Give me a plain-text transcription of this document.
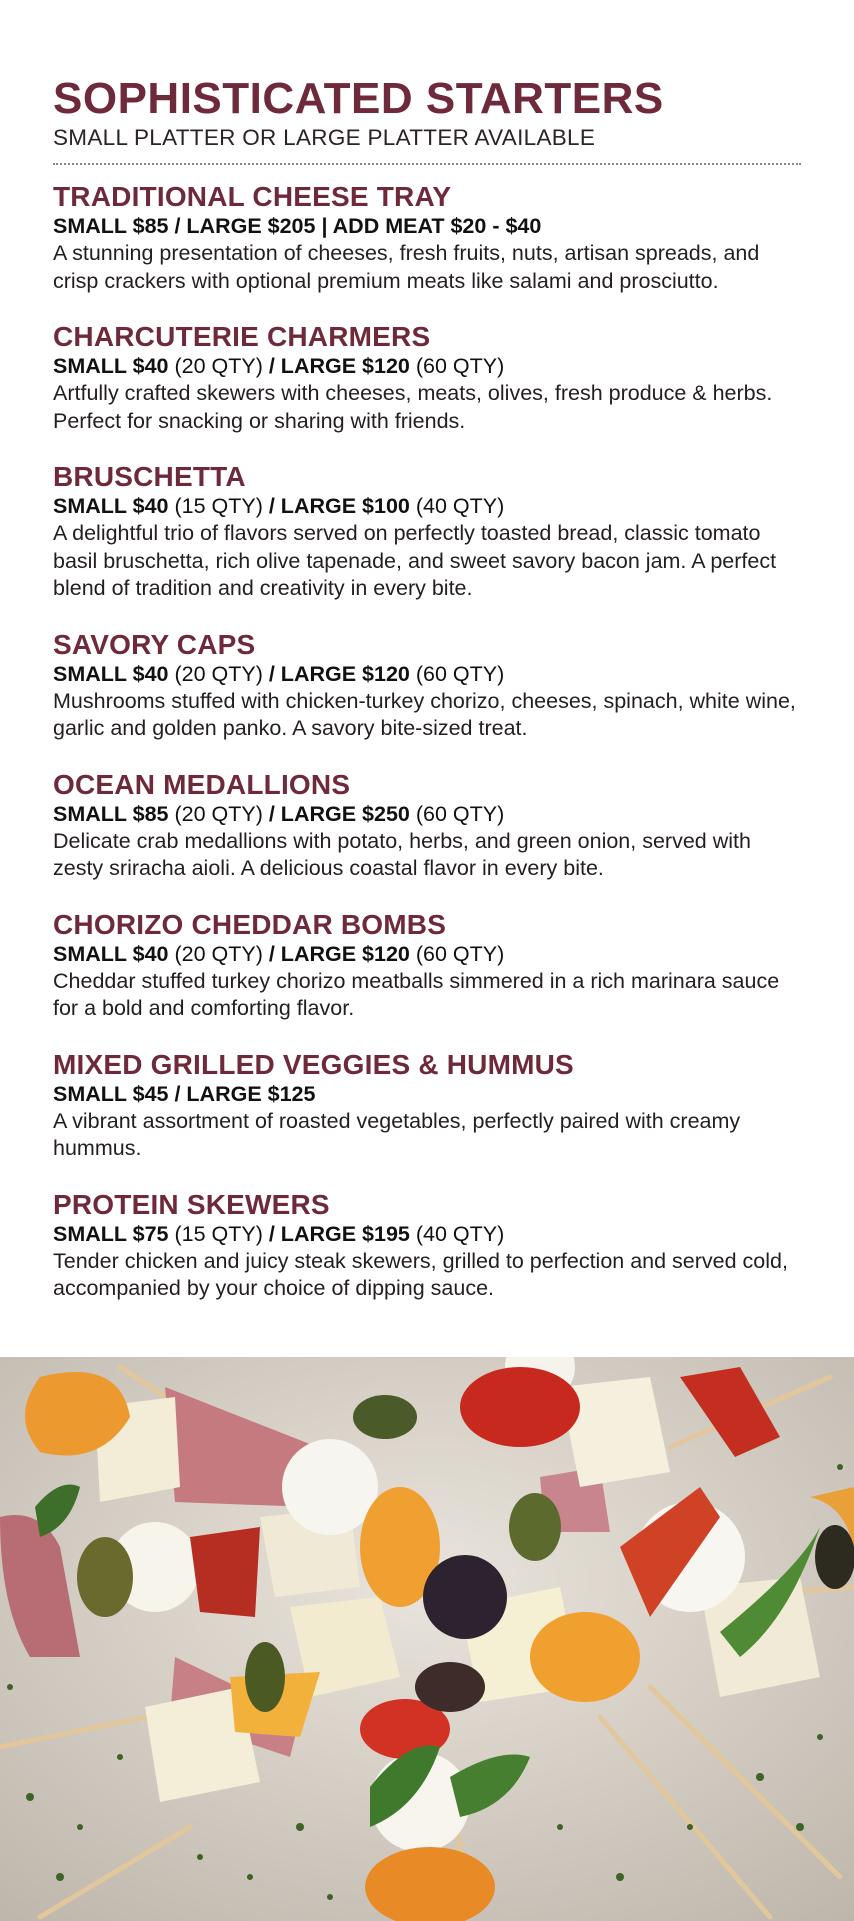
SOPHISTICATED STARTERS
SMALL PLATTER OR LARGE PLATTER AVAILABLE
TRADITIONAL CHEESE TRAY
SMALL $85 / LARGE $205 | ADD MEAT $20 - $40
A stunning presentation of cheeses, fresh fruits, nuts, artisan spreads, and crisp crackers with optional premium meats like salami and prosciutto.
CHARCUTERIE CHARMERS
SMALL $40 (20 QTY) / LARGE $120 (60 QTY)
Artfully crafted skewers with cheeses, meats, olives, fresh produce & herbs. Perfect for snacking or sharing with friends.
BRUSCHETTA
SMALL $40 (15 QTY) / LARGE $100 (40 QTY)
A delightful trio of flavors served on perfectly toasted bread, classic tomato basil bruschetta, rich olive tapenade, and sweet savory bacon jam. A perfect blend of tradition and creativity in every bite.
SAVORY CAPS
SMALL $40 (20 QTY) / LARGE $120 (60 QTY)
Mushrooms stuffed with chicken-turkey chorizo, cheeses, spinach, white wine, garlic and golden panko. A savory bite-sized treat.
OCEAN MEDALLIONS
SMALL $85 (20 QTY) / LARGE $250 (60 QTY)
Delicate crab medallions with potato, herbs, and green onion, served with zesty sriracha aioli. A delicious coastal flavor in every bite.
CHORIZO CHEDDAR BOMBS
SMALL $40 (20 QTY) / LARGE $120 (60 QTY)
Cheddar stuffed turkey chorizo meatballs simmered in a rich marinara sauce for a bold and comforting flavor.
MIXED GRILLED VEGGIES & HUMMUS
SMALL $45 / LARGE $125
A vibrant assortment of roasted vegetables, perfectly paired with creamy hummus.
PROTEIN SKEWERS
SMALL $75 (15 QTY) / LARGE $195 (40 QTY)
Tender chicken and juicy steak skewers, grilled to perfection and served cold, accompanied by your choice of dipping sauce.
